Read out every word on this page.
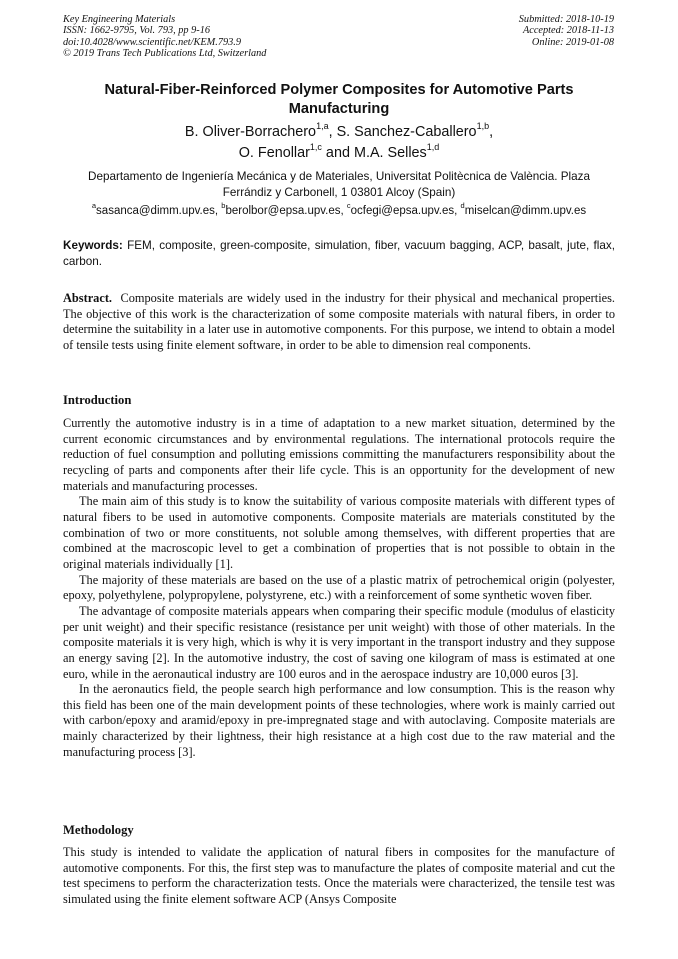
Key Engineering Materials
ISSN: 1662-9795, Vol. 793, pp 9-16
doi:10.4028/www.scientific.net/KEM.793.9
© 2019 Trans Tech Publications Ltd, Switzerland
Submitted: 2018-10-19
Accepted: 2018-11-13
Online: 2019-01-08
Natural-Fiber-Reinforced Polymer Composites for Automotive Parts Manufacturing
B. Oliver-Borrachero$^{1,a}$, S. Sanchez-Caballero$^{1,b}$,
O. Fenollar$^{1,c}$ and M.A. Selles$^{1,d}$
Departamento de Ingeniería Mecánica y de Materiales, Universitat Politècnica de València. Plaza Ferrándiz y Carbonell, 1 03801 Alcoy (Spain)
$^a$sasanca@dimm.upv.es, $^b$berolbor@epsa.upv.es, $^c$ocfegi@epsa.upv.es, $^d$miselcan@dimm.upv.es
Keywords: FEM, composite, green-composite, simulation, fiber, vacuum bagging, ACP, basalt, jute, flax, carbon.

Abstract. Composite materials are widely used in the industry for their physical and mechanical properties. The objective of this work is the characterization of some composite materials with natural fibers, in order to determine the suitability in a later use in automotive components. For this purpose, we intend to obtain a model of tensile tests using finite element software, in order to be able to dimension real components.

Introduction

Currently the automotive industry is in a time of adaptation to a new market situation, determined by the current economic circumstances and by environmental regulations. The international protocols require the reduction of fuel consumption and polluting emissions committing the manufacturers responsibility about the recycling of parts and components after their life cycle. This is an opportunity for the development of new materials and manufacturing processes.

The main aim of this study is to know the suitability of various composite materials with different types of natural fibers to be used in automotive components. Composite materials are materials constituted by the combination of two or more constituents, not soluble among themselves, with different properties that are combined at the macroscopic level to get a combination of properties that is not possible to obtain in the original materials individually [1].

The majority of these materials are based on the use of a plastic matrix of petrochemical origin (polyester, epoxy, polyethylene, polypropylene, polystyrene, etc.) with a reinforcement of some synthetic woven fiber.

The advantage of composite materials appears when comparing their specific module (modulus of elasticity per unit weight) and their specific resistance (resistance per unit weight) with those of other materials. In the composite materials it is very high, which is why it is very important in the transport industry and they suppose an energy saving [2]. In the automotive industry, the cost of saving one kilogram of mass is estimated at one euro, while in the aeronautical industry are 100 euros and in the aerospace industry are 10,000 euros [3].

In the aeronautics field, the people search high performance and low consumption. This is the reason why this field has been one of the main development points of these technologies, where work is mainly carried out with carbon/epoxy and aramid/epoxy in pre-impregnated stage and with autoclaving. Composite materials are mainly characterized by their lightness, their high resistance at a high cost due to the raw material and the manufacturing process [3].

Methodology

This study is intended to validate the application of natural fibers in composites for the manufacture of automotive components. For this, the first step was to manufacture the plates of composite material and cut the test specimens to perform the characterization tests. Once the materials were characterized, the tensile test was simulated using the finite element software ACP (Ansys Composite
